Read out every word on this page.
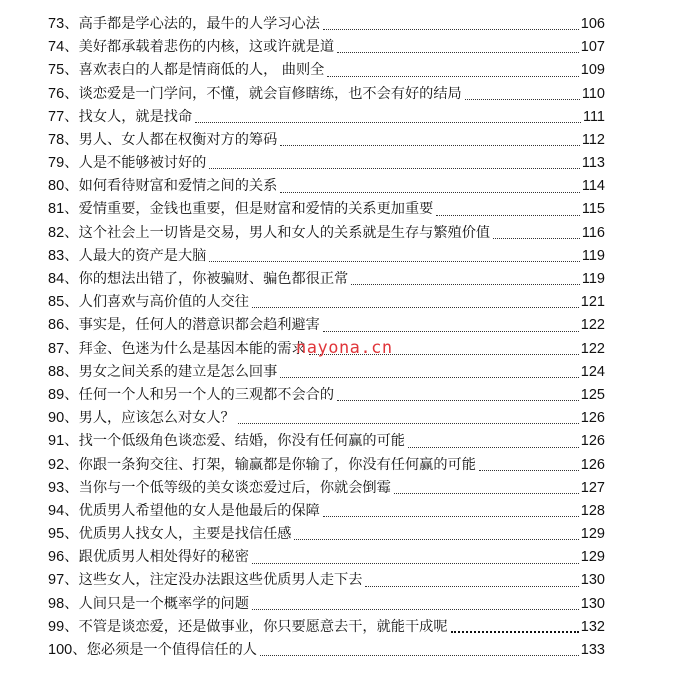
73、 高手都是学心法的，最牛的人学习心法	106
74、 美好都承载着悲伤的内核，这或许就是道	107
75、 喜欢表白的人都是情商低的人， 曲则全	109
76、 谈恋爱是一门学问，不懂，就会盲修瞎练，也不会有好的结局	110
77、 找女人，就是找命	111
78、 男人、女人都在权衡对方的筹码	112
79、 人是不能够被讨好的	113
80、 如何看待财富和爱情之间的关系	114
81、 爱情重要，金钱也重要，但是财富和爱情的关系更加重要	115
82、 这个社会上一切皆是交易，男人和女人的关系就是生存与繁殖价值	116
83、 人最大的资产是大脑	119
84、 你的想法出错了，你被骗财、骗色都很正常	119
85、 人们喜欢与高价值的人交往	121
86、 事实是，任何人的潜意识都会趋利避害	122
87、 拜金、色迷为什么是基因本能的需求	122
88、 男女之间关系的建立是怎么回事	124
89、 任何一个人和另一个人的三观都不会合的	125
90、 男人，应该怎么对女人？	126
91、 找一个低级角色谈恋爱、结婚，你没有任何赢的可能	126
92、 你跟一条狗交往、打架，输赢都是你输了，你没有任何赢的可能	126
93、 当你与一个低等级的美女谈恋爱过后，你就会倒霉	127
94、 优质男人希望他的女人是他最后的保障	128
95、 优质男人找女人，主要是找信任感	129
96、 跟优质男人相处得好的秘密	129
97、 这些女人，注定没办法跟这些优质男人走下去	130
98、 人间只是一个概率学的问题	130
99、 不管是谈恋爱，还是做事业，你只要愿意去干，就能干成呢	132
100、 您必须是一个值得信任的人	133
nayona.cn
